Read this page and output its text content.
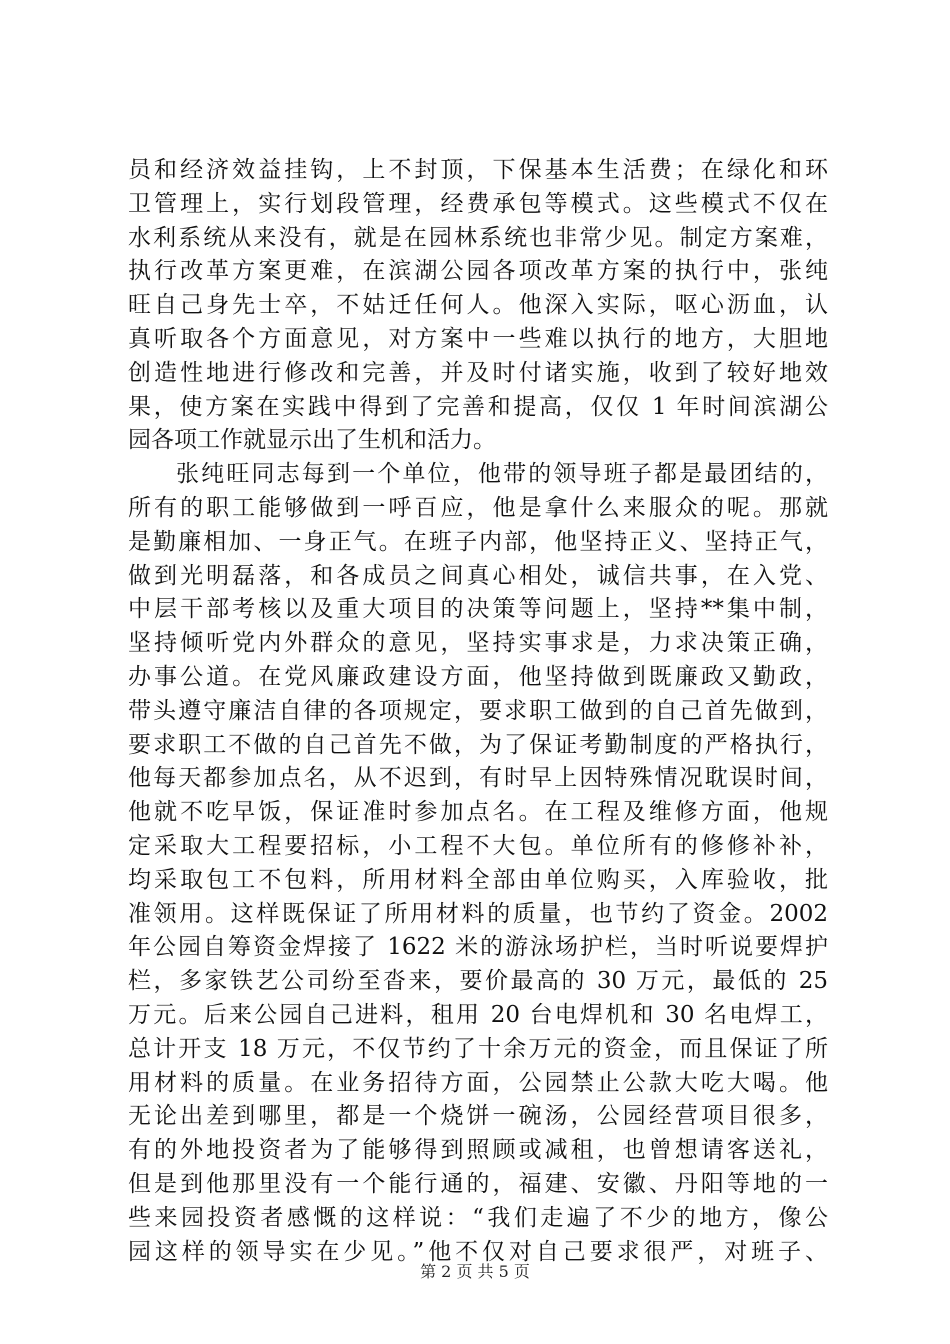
员和经济效益挂钩，上不封顶，下保基本生活费；在绿化和环
卫管理上，实行划段管理，经费承包等模式。这些模式不仅在
水利系统从来没有，就是在园林系统也非常少见。制定方案难，
执行改革方案更难，在滨湖公园各项改革方案的执行中，张纯
旺自己身先士卒，不姑迁任何人。他深入实际，呕心沥血，认
真听取各个方面意见，对方案中一些难以执行的地方，大胆地
创造性地进行修改和完善，并及时付诸实施，收到了较好地效
果，使方案在实践中得到了完善和提高，仅仅 1 年时间滨湖公
园各项工作就显示出了生机和活力。
张纯旺同志每到一个单位，他带的领导班子都是最团结的，
所有的职工能够做到一呼百应，他是拿什么来服众的呢。那就
是勤廉相加、一身正气。在班子内部，他坚持正义、坚持正气，
做到光明磊落，和各成员之间真心相处，诚信共事，在入党、
中层干部考核以及重大项目的决策等问题上，坚持**集中制，
坚持倾听党内外群众的意见，坚持实事求是，力求决策正确，
办事公道。在党风廉政建设方面，他坚持做到既廉政又勤政，
带头遵守廉洁自律的各项规定，要求职工做到的自己首先做到，
要求职工不做的自己首先不做，为了保证考勤制度的严格执行，
他每天都参加点名，从不迟到，有时早上因特殊情况耽误时间，
他就不吃早饭，保证准时参加点名。在工程及维修方面，他规
定采取大工程要招标，小工程不大包。单位所有的修修补补，
均采取包工不包料，所用材料全部由单位购买，入库验收，批
准领用。这样既保证了所用材料的质量，也节约了资金。2002
年公园自筹资金焊接了 1622 米的游泳场护栏，当时听说要焊护
栏，多家铁艺公司纷至沓来，要价最高的 30 万元，最低的 25
万元。后来公园自己进料，租用 20 台电焊机和 30 名电焊工，
总计开支 18 万元，不仅节约了十余万元的资金，而且保证了所
用材料的质量。在业务招待方面，公园禁止公款大吃大喝。他
无论出差到哪里，都是一个烧饼一碗汤，公园经营项目很多，
有的外地投资者为了能够得到照顾或减租，也曾想请客送礼，
但是到他那里没有一个能行通的，福建、安徽、丹阳等地的一
些来园投资者感慨的这样说：“我们走遍了不少的地方，像公
园这样的领导实在少见。”他不仅对自己要求很严，对班子、
第 2 页 共 5 页
